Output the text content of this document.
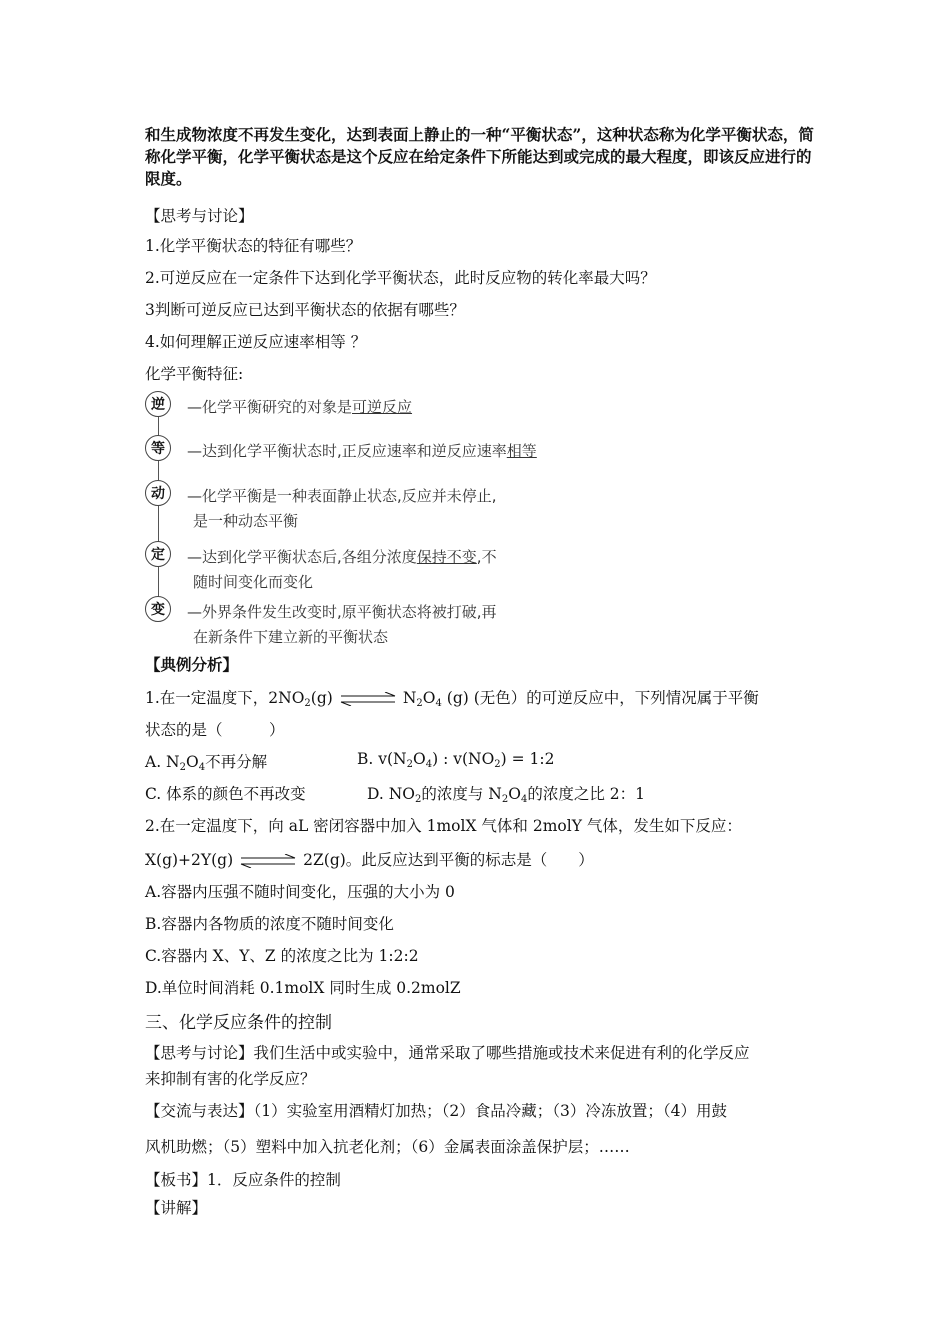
和生成物浓度不再发生变化，达到表面上静止的一种“平衡状态”，这种状态称为化学平衡状态，简称化学平衡，化学平衡状态是这个反应在给定条件下所能达到或完成的最大程度，即该反应进行的限度。
【思考与讨论】
1.化学平衡状态的特征有哪些？
2.可逆反应在一定条件下达到化学平衡状态，此时反应物的转化率最大吗？
3判断可逆反应已达到平衡状态的依据有哪些？
4.如何理解正逆反应速率相等 ？
化学平衡特征:
逆	—化学平衡研究的对象是可逆反应
等	—达到化学平衡状态时,正反应速率和逆反应速率相等
动	—化学平衡是一种表面静止状态,反应并未停止,
是一种动态平衡
定	—达到化学平衡状态后,各组分浓度保持不变,不
随时间变化而变化
变	—外界条件发生改变时,原平衡状态将被打破,再
在新条件下建立新的平衡状态
【典例分析】
1.在一定温度下，$2NO_2(g)$ ⇌ $N_2O_4$ (g) (无色）的可逆反应中，下列情况属于平衡
状态的是（　　　）
A. $N_2O_4$不再分解	B. $v(N_2O_4)$ : $v(NO_2)$ = 1:2
C. 体系的颜色不再改变	D. $NO_2$的浓度与 $N_2O_4$的浓度之比 2：1
2.在一定温度下，向 aL 密闭容器中加入 1molX 气体和 2molY 气体，发生如下反应：
X(g)+2Y(g) ⇌ 2Z(g)。此反应达到平衡的标志是（　　）
A.容器内压强不随时间变化，压强的大小为 0
B.容器内各物质的浓度不随时间变化
C.容器内 X、Y、Z 的浓度之比为 1:2:2
D.单位时间消耗 0.1molX 同时生成 0.2molZ
三、化学反应条件的控制
【思考与讨论】我们生活中或实验中，通常采取了哪些措施或技术来促进有利的化学反应
来抑制有害的化学反应？
【交流与表达】（1）实验室用酒精灯加热；（2）食品冷藏；（3）冷冻放置；（4）用鼓
风机助燃；（5）塑料中加入抗老化剂；（6）金属表面涂盖保护层；……
【板书】1．反应条件的控制
【讲解】
